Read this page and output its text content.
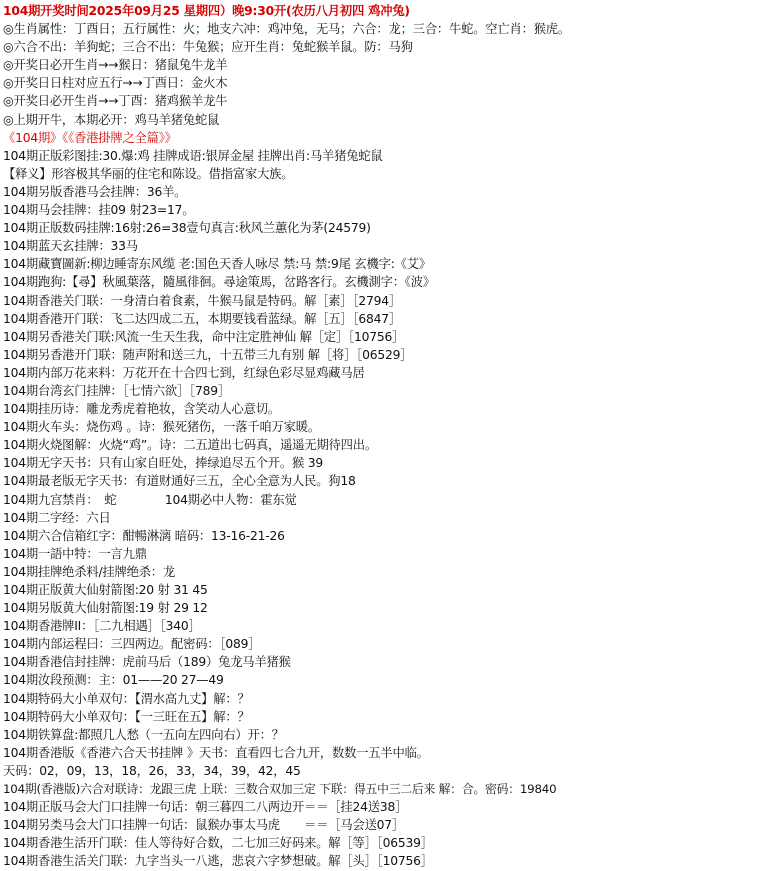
104期开奖时间2025年09月25 星期四）晚9:30开(农历八月初四 鸡冲兔)
◎生肖属性：丁酉日；五行属性：火；地支六冲：鸡冲兔，无马；六合：龙；三合：牛蛇。空亡肖：猴虎。
◎六合不出：羊狗蛇；三合不出：牛兔猴；应开生肖：兔蛇猴羊鼠。防：马狗
◎开奖日必开生肖→→猴日：猪鼠兔牛龙羊
◎开奖日日柱对应五行→→丁酉日：金火木
◎开奖日必开生肖→→丁酉：猪鸡猴羊龙牛
◎上期开牛，本期必开：鸡马羊猪兔蛇鼠
《104期》《《香港掛牌之全篇》》
104期正版彩图挂:30.爆:鸡 挂牌成语:银屏金屋 挂牌出肖:马羊猪兔蛇鼠
【释义】形容极其华丽的住宅和陈设。借指富家大族。
104期另版香港马会挂牌：36羊。
104期马会挂牌：挂09 射23=17。
104期正版数码挂牌:16射:26=38壹句真言:秋风兰蕙化为茅(24579)
104期蓝天玄挂牌：33马
104期藏寶圖新:柳边睡寄东风缆 老:国色天香人咏尽 禁:马 禁:9尾 玄機字:《艾》
104期跑狗:【尋】秋風葉落，隨風徘徊。尋途策馬，岔路客行。玄機測字：《波》
104期香港关门联：一身清白着食素，牛猴马鼠是特码。解［素］［2794］
104期香港开门联：飞二达四成二五，本期要钱看蓝绿。解［五］［6847］
104期另香港关门联:风流一生天生我，命中注定胜神仙 解［定］［10756］
104期另香港开门联：随声附和送三九，十五带三九有别 解［将］［06529］
104期内部万花来料：万花开在十合四七到，红绿色彩尽显鸡藏马居
104期台湾玄门挂牌：［七情六欲］［789］
104期挂历诗：雕龙秀虎着艳妆，含笑动人心意切。
104期火车头：烧伤鸡 。诗：猴死猪伤，一落千咱万家暖。
104期火烧图解：火烧“鸡”。诗：二五道出七码真，遥遥无期待四出。
104期无字天书：只有山家自旺处，捧绿追尽五个开。猴 39
104期最老版无字天书：有道财通好三五，全心全意为人民。狗18
104期九宫禁肖：　蛇　　　　104期必中人物：霍东觉
104期二字经：六日
104期六合信箱红字：酣暢淋漓 暗码：13-16-21-26
104期一語中特：一言九鼎
104期挂牌绝杀料/挂牌绝杀：龙
104期正版黄大仙射箭图:20 射 31 45
104期另版黄大仙射箭图:19 射 29 12
104期香港牌II：［二九相遇］［340］
104期内部运程曰：三四两边。配密码：［089］
104期香港信封挂牌：虎前马后（189）兔龙马羊猪猴
104期汝段预测：主：01——20 27—49
104期特码大小单双句：【渭水高九丈】解：？
104期特码大小单双句：【一三旺在五】解：？
104期铁算盘:都照几人愁（一五向左四向右）开：？
104期香港版《香港六合天书挂牌 》天书：直看四七合九开，数数一五半中临。
天码：02，09，13，18，26，33，34，39，42，45
104期(香港版)六合对联诗：龙跟三虎 上联：三数合双加三定 下联：得五中三二后来 解：合。密码：19840
104期正版马会大门口挂牌一句话：朝三暮四二八两边开＝＝［挂24送38］
104期另类马会大门口挂牌一句话：鼠猴办事太马虎　　＝＝［马会送07］
104期香港生活开门联：佳人等待好合数，二七加三好码来。解［等］［06539］
104期香港生活关门联：九字当头一八逃，悲哀六字梦想破。解［头］［10756］
